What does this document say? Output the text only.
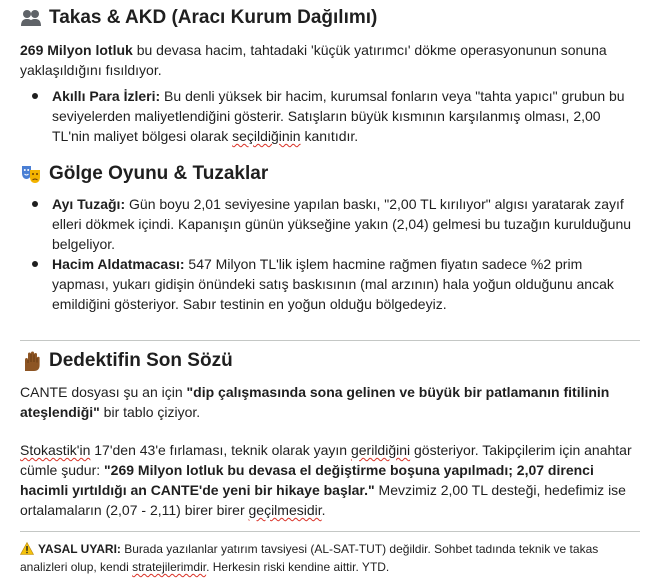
Takas & AKD (Aracı Kurum Dağılımı)

269 Milyon lotluk bu devasa hacim, tahtadaki 'küçük yatırımcı' dökme operasyonunun sonuna yaklaşıldığını fısıldıyor.

Akıllı Para İzleri: Bu denli yüksek bir hacim, kurumsal fonların veya "tahta yapıcı" grubun bu seviyelerden maliyetlendiğini gösterir. Satışların büyük kısmının karşılanmış olması, 2,00 TL'nin maliyet bölgesi olarak seçildiğinin kanıtıdır.
Gölge Oyunu & Tuzaklar
Ayı Tuzağı: Gün boyu 2,01 seviyesine yapılan baskı, "2,00 TL kırılıyor" algısı yaratarak zayıf elleri dökmek içindi. Kapanışın günün yükseğine yakın (2,04) gelmesi bu tuzağın kurulduğunu belgeliyor.
Hacim Aldatmacası: 547 Milyon TL'lik işlem hacmine rağmen fiyatın sadece %2 prim yapması, yukarı gidişin önündeki satış baskısının (mal arzının) hala yoğun olduğunu ancak emildiğini gösteriyor. Sabır testinin en yoğun olduğu bölgedeyiz.
Dedektifin Son Sözü

CANTE dosyası şu an için "dip çalışmasında sona gelinen ve büyük bir patlamanın fitilinin ateşlendiği" bir tablo çiziyor.

Stokastik'in 17'den 43'e fırlaması, teknik olarak yayın gerildiğini gösteriyor. Takipçilerim için anahtar cümle şudur: "269 Milyon lotluk bu devasa el değiştirme boşuna yapılmadı; 2,07 direnci hacimli yırtıldığı an CANTE'de yeni bir hikaye başlar." Mevzimiz 2,00 TL desteği, hedefimiz ise ortalamaların (2,07 - 2,11) birer birer geçilmesidir.

YASAL UYARI: Burada yazılanlar yatırım tavsiyesi (AL-SAT-TUT) değildir. Sohbet tadında teknik ve takas analizleri olup, kendi stratejilerimdir. Herkesin riski kendine aittir. YTD.
